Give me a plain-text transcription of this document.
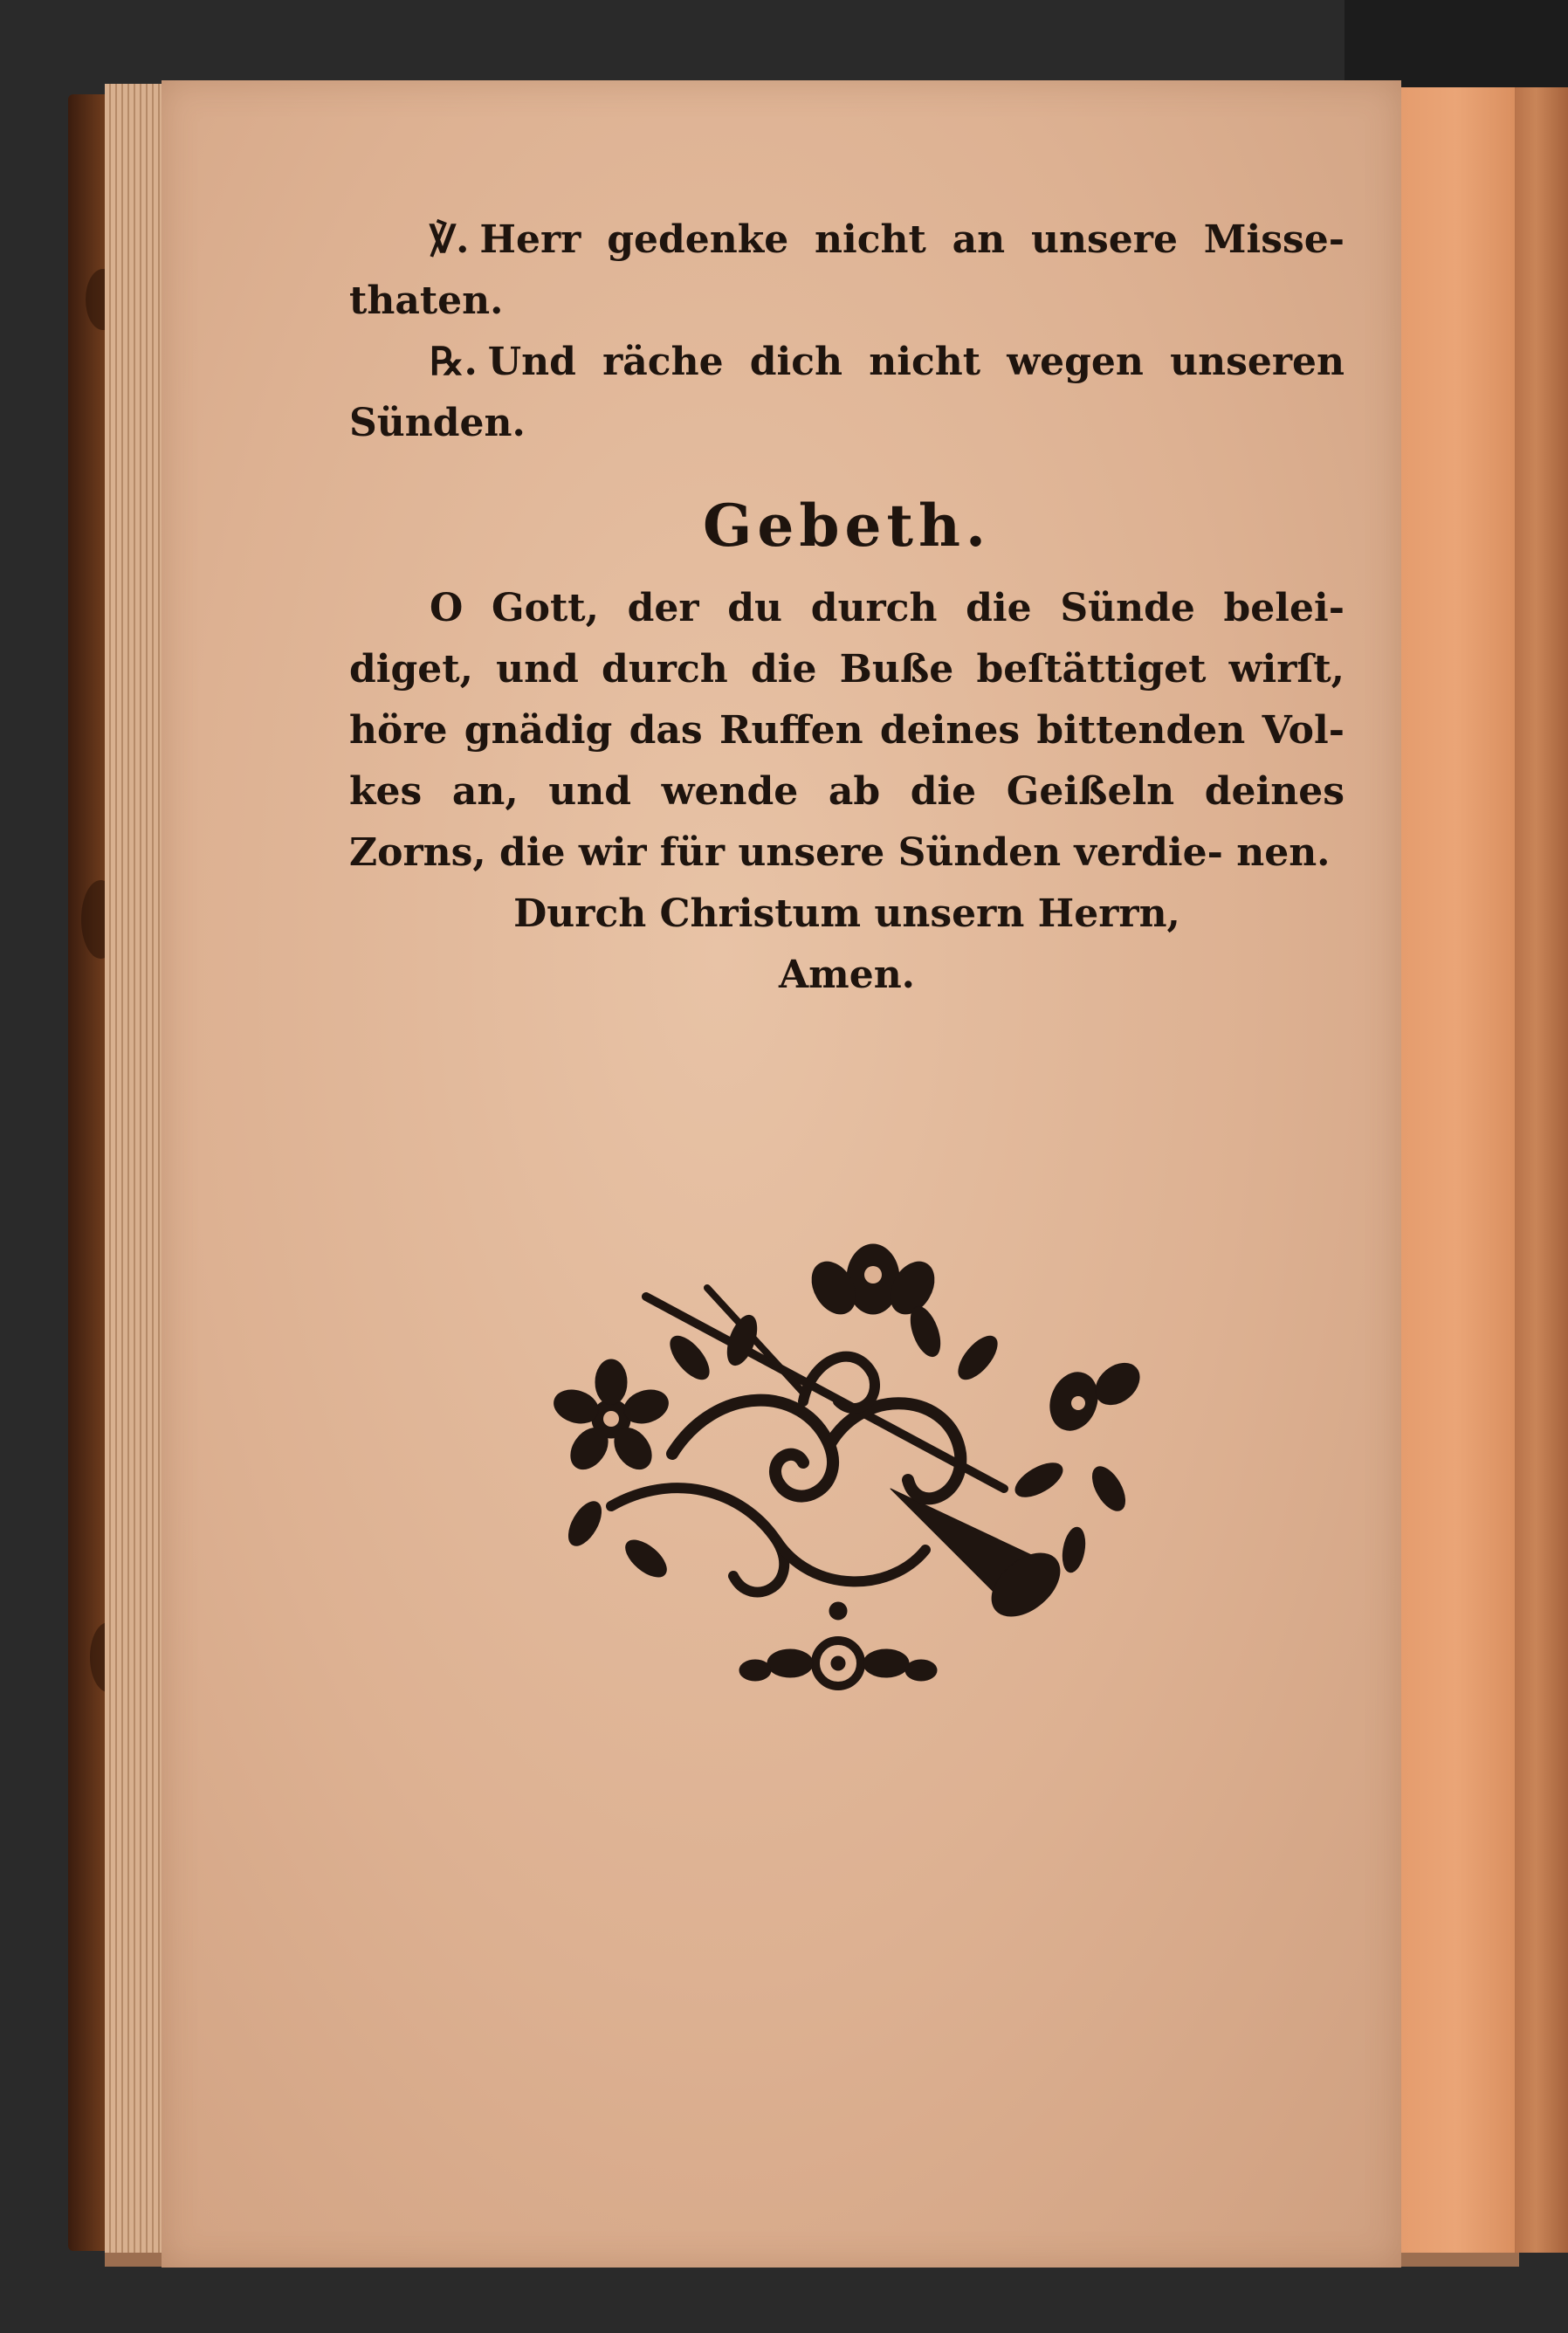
℣. Herr gedenke nicht an unsere Misse- thaten.

℞. Und räche dich nicht wegen unseren Sünden.

Gebeth.

O Gott, der du durch die Sünde belei- diget, und durch die Buße beſtättiget wirſt, höre gnädig das Ruffen deines bittenden Vol- kes an, und wende ab die Geißeln deines Zorns, die wir für unsere Sünden verdie- nen.

Durch Christum unsern Herrn,

Amen.
